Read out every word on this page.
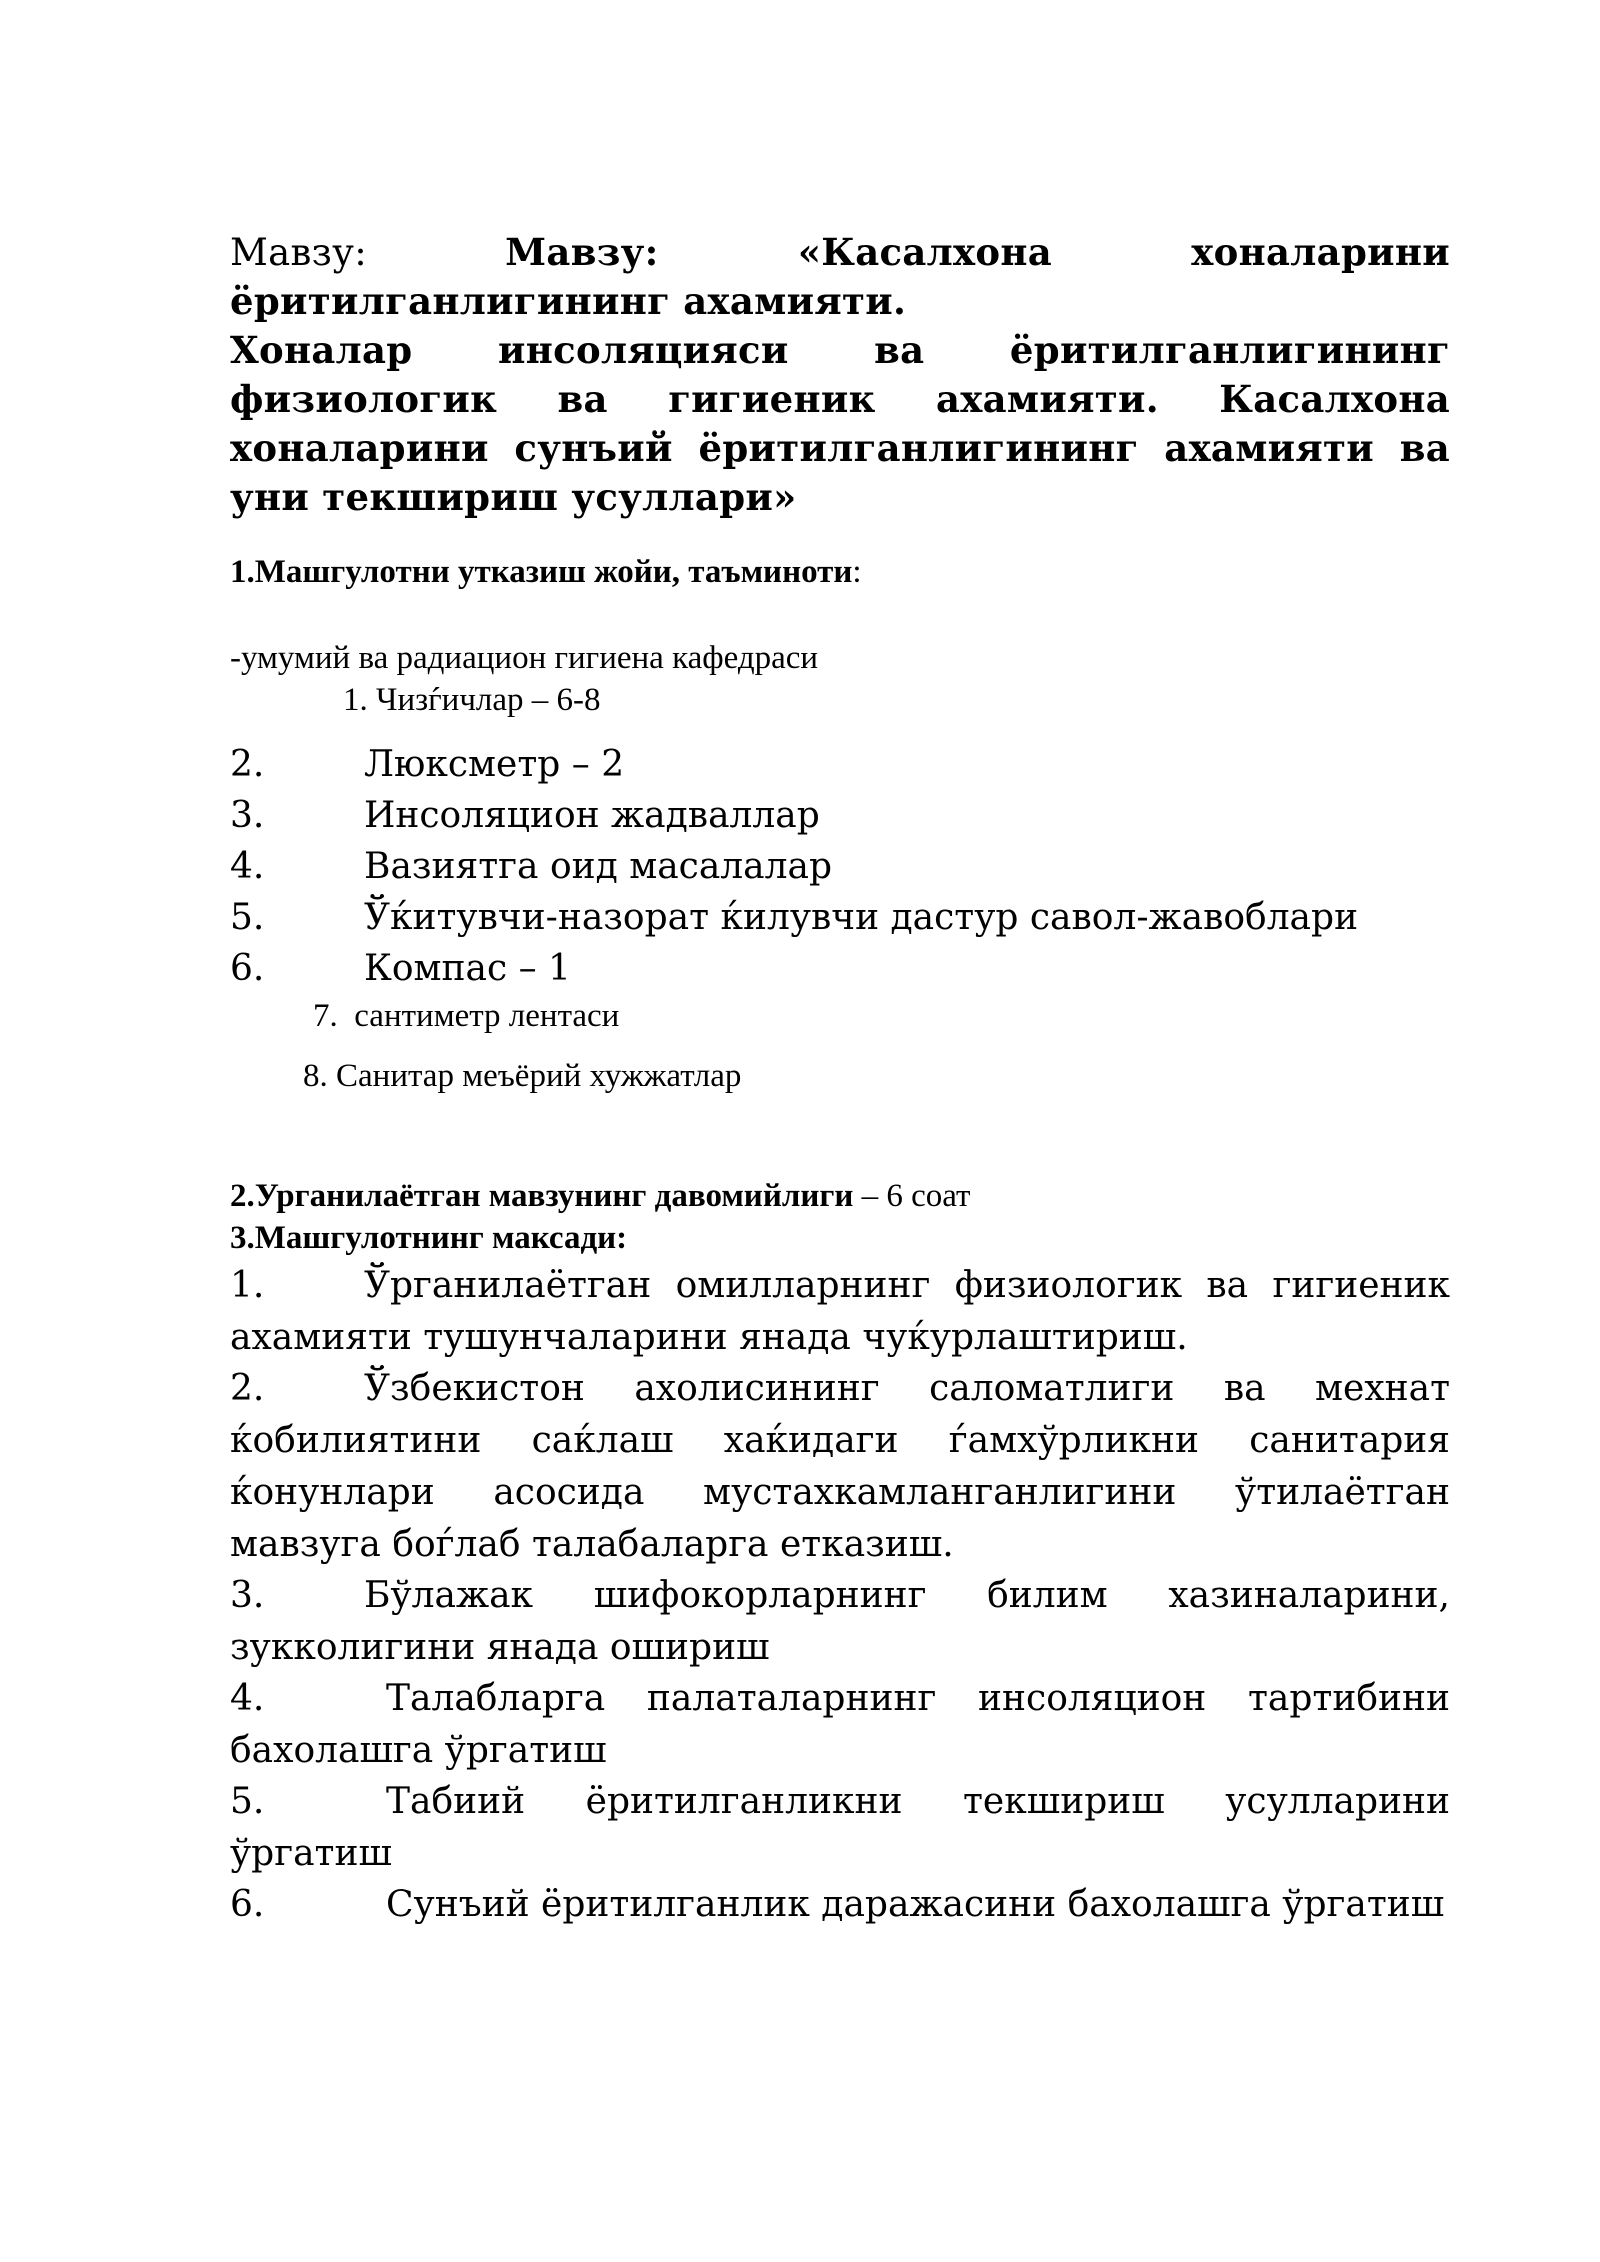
Мавзу: Мавзу: «Касалхона хоналарини ёритилганлигининг ахамияти.
Хоналар инсоляцияси ва ёритилганлигининг физиологик ва гигиеник ахамияти. Касалхона хоналарини сунъий ёритилганлигининг ахамияти ва уни текшириш усуллари»
1.Машгулотни утказиш жойи, таъминоти:
-умумий ва радиацион гигиена кафедраси
1. Чизѓичлар – 6-8
2.	Люксметр – 2
3.	Инсоляцион жадваллар
4.	Вазиятга оид масалалар
5.	Ўќитувчи-назорат ќилувчи дастур савол-жавоблари
6.	Компас – 1
7. сантиметр лентаси
8. Санитар меъёрий хужжатлар
2.Урганилаётган мавзунинг давомийлиги – 6 соат
3.Машгулотнинг максади:
1.	Ўрганилаётган омилларнинг физиологик ва гигиеник ахамияти тушунчаларини янада чуќурлаштириш.
2.	Ўзбекистон ахолисининг саломатлиги ва мехнат ќобилиятини саќлаш хаќидаги ѓамхўрликни санитария ќонунлари асосида мустахкамланганлигини ўтилаётган мавзуга боѓлаб талабаларга етказиш.
3.	Бўлажак шифокорларнинг билим хазиналарини, зукколигини янада ошириш
4.	Талабларга палаталарнинг инсоляцион тартибини бахолашга ўргатиш
5.	Табиий ёритилганликни текшириш усулларини ўргатиш
6.	Сунъий ёритилганлик даражасини бахолашга ўргатиш
